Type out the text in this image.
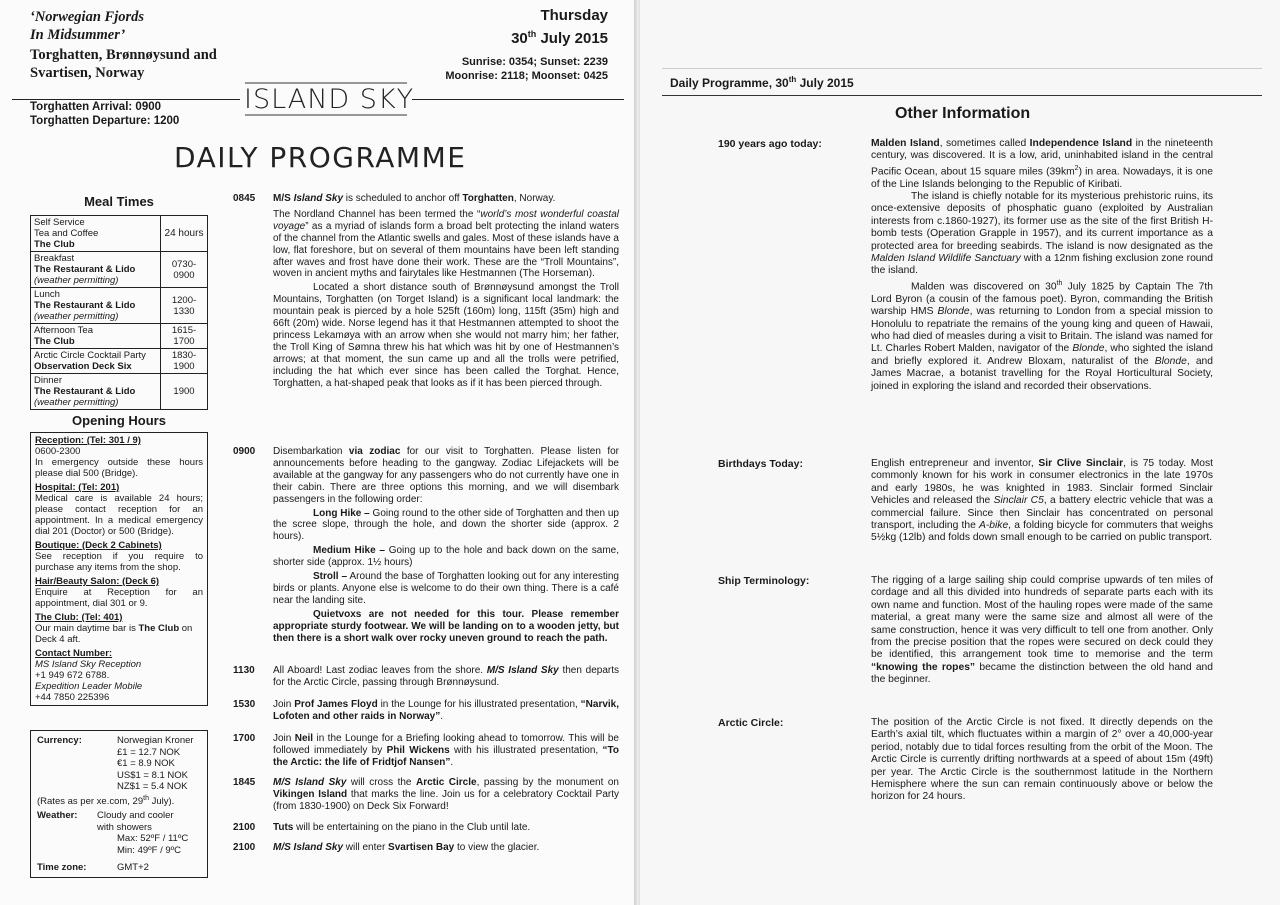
‘Norwegian Fjords
In Midsummer’
Torghatten, Brønnøysund and
Svartisen, Norway
Thursday
30th July 2015
Sunrise: 0354; Sunset: 2239
Moonrise: 2118; Moonset: 0425
ISLAND SKY
Torghatten Arrival: 0900
Torghatten Departure: 1200
DAILY PROGRAMME
Meal Times
Self Service
Tea and Coffee
The Club	24 hours

Breakfast
The Restaurant & Lido
(weather permitting)	0730-0900

Lunch
The Restaurant & Lido
(weather permitting)	1200-1330

Afternoon Tea
The Club	1615-1700

Arctic Circle Cocktail Party
Observation Deck Six	1830-1900

Dinner
The Restaurant & Lido
(weather permitting)	1900
Opening Hours
Reception: (Tel: 301 / 9)
0600-2300
In emergency outside these hours please dial 500 (Bridge).
Hospital: (Tel: 201)
Medical care is available 24 hours; please contact reception for an appointment. In a medical emergency dial 201 (Doctor) or 500 (Bridge).
Boutique: (Deck 2 Cabinets)
See reception if you require to purchase any items from the shop.
Hair/Beauty Salon: (Deck 6)
Enquire at Reception for an appointment, dial 301 or 9.
The Club: (Tel: 401)
Our main daytime bar is The Club on Deck 4 aft.
Contact Number:
MS Island Sky Reception
+1 949 672 6788.
Expedition Leader Mobile
+44 7850 225396
Currency:	Norwegian Kroner
£1 = 12.7 NOK
€1 = 8.9 NOK
US$1 = 8.1 NOK
NZ$1 = 5.4 NOK
(Rates as per xe.com, 29th July).
Weather: Cloudy and cooler
with showers
Max: 52ºF / 11ºC
Min: 49ºF / 9ºC
Time zone:	GMT+2
0845 M/S Island Sky is scheduled to anchor off Torghatten, Norway.

The Nordland Channel has been termed the “world’s most wonderful coastal voyage” as a myriad of islands form a broad belt protecting the inland waters of the channel from the Atlantic swells and gales. Most of these islands have a low, flat foreshore, but on several of them mountains have been left standing after waves and frost have done their work. These are the “Troll Mountains”, woven in ancient myths and fairytales like Hestmannen (The Horseman).

Located a short distance south of Brønnøysund amongst the Troll Mountains, Torghatten (on Torget Island) is a significant local landmark: the mountain peak is pierced by a hole 525ft (160m) long, 115ft (35m) high and 66ft (20m) wide. Norse legend has it that Hestmannen attempted to shoot the princess Lekamøya with an arrow when she would not marry him; her father, the Troll King of Sømna threw his hat which was hit by one of Hestmannen’s arrows; at that moment, the sun came up and all the trolls were petrified, including the hat which ever since has been called the Torghat. Hence, Torghatten, a hat-shaped peak that looks as if it has been pierced through.

0900 Disembarkation via zodiac for our visit to Torghatten. Please listen for announcements before heading to the gangway. Zodiac Lifejackets will be available at the gangway for any passengers who do not currently have one in their cabin. There are three options this morning, and we will disembark passengers in the following order:

Long Hike – Going round to the other side of Torghatten and then up the scree slope, through the hole, and down the shorter side (approx. 2 hours).

Medium Hike – Going up to the hole and back down on the same, shorter side (approx. 1½ hours)

Stroll – Around the base of Torghatten looking out for any interesting birds or plants. Anyone else is welcome to do their own thing. There is a café near the landing site.

Quietvoxs are not needed for this tour. Please remember appropriate sturdy footwear. We will be landing on to a wooden jetty, but then there is a short walk over rocky uneven ground to reach the path.

1130 All Aboard! Last zodiac leaves from the shore. M/S Island Sky then departs for the Arctic Circle, passing through Brønnøysund.

1530 Join Prof James Floyd in the Lounge for his illustrated presentation, “Narvik, Lofoten and other raids in Norway”.

1700 Join Neil in the Lounge for a Briefing looking ahead to tomorrow. This will be followed immediately by Phil Wickens with his illustrated presentation, “To the Arctic: the life of Fridtjof Nansen”.

1845 M/S Island Sky will cross the Arctic Circle, passing by the monument on Vikingen Island that marks the line. Join us for a celebratory Cocktail Party (from 1830-1900) on Deck Six Forward!

2100 Tuts will be entertaining on the piano in the Club until late.

2100 M/S Island Sky will enter Svartisen Bay to view the glacier.

Daily Programme, 30th July 2015
Other Information
190 years ago today:	Malden Island, sometimes called Independence Island in the nineteenth century, was discovered. It is a low, arid, uninhabited island in the central Pacific Ocean, about 15 square miles $(39km^2)$ in area. Nowadays, it is one of the Line Islands belonging to the Republic of Kiribati.

The island is chiefly notable for its mysterious prehistoric ruins, its once-extensive deposits of phosphatic guano (exploited by Australian interests from c.1860-1927), its former use as the site of the first British H-bomb tests (Operation Grapple in 1957), and its current importance as a protected area for breeding seabirds. The island is now designated as the Malden Island Wildlife Sanctuary with a 12nm fishing exclusion zone round the island.

Malden was discovered on 30th July 1825 by Captain The 7th Lord Byron (a cousin of the famous poet). Byron, commanding the British warship HMS Blonde, was returning to London from a special mission to Honolulu to repatriate the remains of the young king and queen of Hawaii, who had died of measles during a visit to Britain. The island was named for Lt. Charles Robert Malden, navigator of the Blonde, who sighted the island and briefly explored it. Andrew Bloxam, naturalist of the Blonde, and James Macrae, a botanist travelling for the Royal Horticultural Society, joined in exploring the island and recorded their observations.

Birthdays Today:	English entrepreneur and inventor, Sir Clive Sinclair, is 75 today. Most commonly known for his work in consumer electronics in the late 1970s and early 1980s, he was knighted in 1983. Sinclair formed Sinclair Vehicles and released the Sinclair C5, a battery electric vehicle that was a commercial failure. Since then Sinclair has concentrated on personal transport, including the A-bike, a folding bicycle for commuters that weighs 5½kg (12lb) and folds down small enough to be carried on public transport.

Ship Terminology:	The rigging of a large sailing ship could comprise upwards of ten miles of cordage and all this divided into hundreds of separate parts each with its own name and function. Most of the hauling ropes were made of the same material, a great many were the same size and almost all were of the same construction, hence it was very difficult to tell one from another. Only from the precise position that the ropes were secured on deck could they be identified, this arrangement took time to memorise and the term “knowing the ropes” became the distinction between the old hand and the beginner.

Arctic Circle:	The position of the Arctic Circle is not fixed. It directly depends on the Earth’s axial tilt, which fluctuates within a margin of 2° over a 40,000-year period, notably due to tidal forces resulting from the orbit of the Moon. The Arctic Circle is currently drifting northwards at a speed of about 15m (49ft) per year. The Arctic Circle is the southernmost latitude in the Northern Hemisphere where the sun can remain continuously above or below the horizon for 24 hours.
